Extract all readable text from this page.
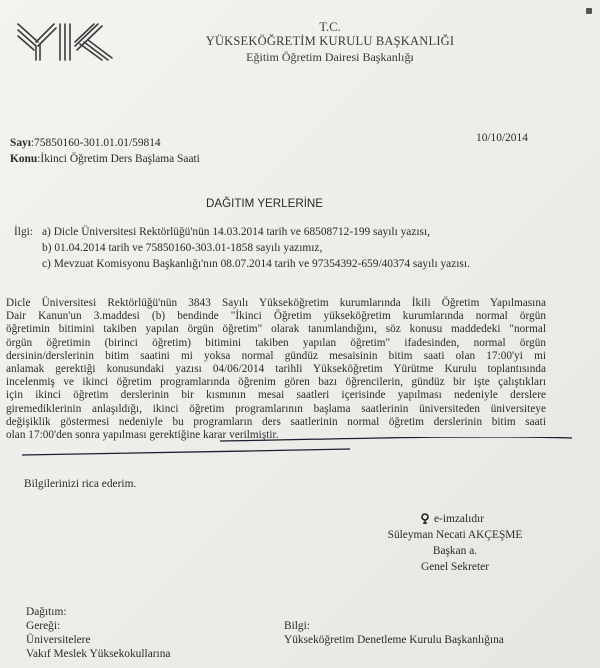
YÖK	T.C.
YÜKSEKÖĞRETİM KURULU BAŞKANLIĞI
Eğitim Öğretim Dairesi Başkanlığı
Sayı:75850160-301.01.01/59814
Konu:İkinci Öğretim Ders Başlama Saati
10/10/2014
DAĞITIM YERLERİNE
İlgi: a) Dicle Üniversitesi Rektörlüğü'nün 14.03.2014 tarih ve 68508712-199 sayılı yazısı,
b) 01.04.2014 tarih ve 75850160-303.01-1858 sayılı yazımız,
c) Mevzuat Komisyonu Başkanlığı'nın 08.07.2014 tarih ve 97354392-659/40374 sayılı yazısı.
Dicle Üniversitesi Rektörlüğü'nün 3843 Sayılı Yükseköğretim kurumlarında İkili Öğretim Yapılmasına
Dair Kanun'un 3.maddesi (b) bendinde "İkinci Öğretim yükseköğretim kurumlarında normal örgün
öğretimin bitimini takiben yapılan örgün öğretim" olarak tanımlandığını, söz konusu maddedeki "normal
örgün öğretimin (birinci öğretim) bitimini takiben yapılan öğretim" ifadesinden, normal örgün
dersinin/derslerinin bitim saatini mi yoksa normal gündüz mesaisinin bitim saati olan 17:00'yi mi
anlamak gerektiği konusundaki yazısı 04/06/2014 tarihli Yükseköğretim Yürütme Kurulu toplantısında
incelenmiş ve ikinci öğretim programlarında öğrenim gören bazı öğrencilerin, gündüz bir işte çalıştıkları
için ikinci öğretim derslerinin bir kısmının mesai saatleri içerisinde yapılması nedeniyle derslere
giremediklerinin anlaşıldığı, ikinci öğretim programlarının başlama saatlerinin üniversiteden üniversiteye
değişiklik göstermesi nedeniyle bu programların ders saatlerinin normal öğretim derslerinin bitim saati
olan 17:00'den sonra yapılması gerektiğine karar verilmiştir.
Bilgilerinizi rica ederim.
e-imzalıdır
Süleyman Necati AKÇEŞME
Başkan a.
Genel Sekreter
Dağıtım:
Gereği:
Üniversitelere
Vakıf Meslek Yüksekokullarına
Bilgi:
Yükseköğretim Denetleme Kurulu Başkanlığına
